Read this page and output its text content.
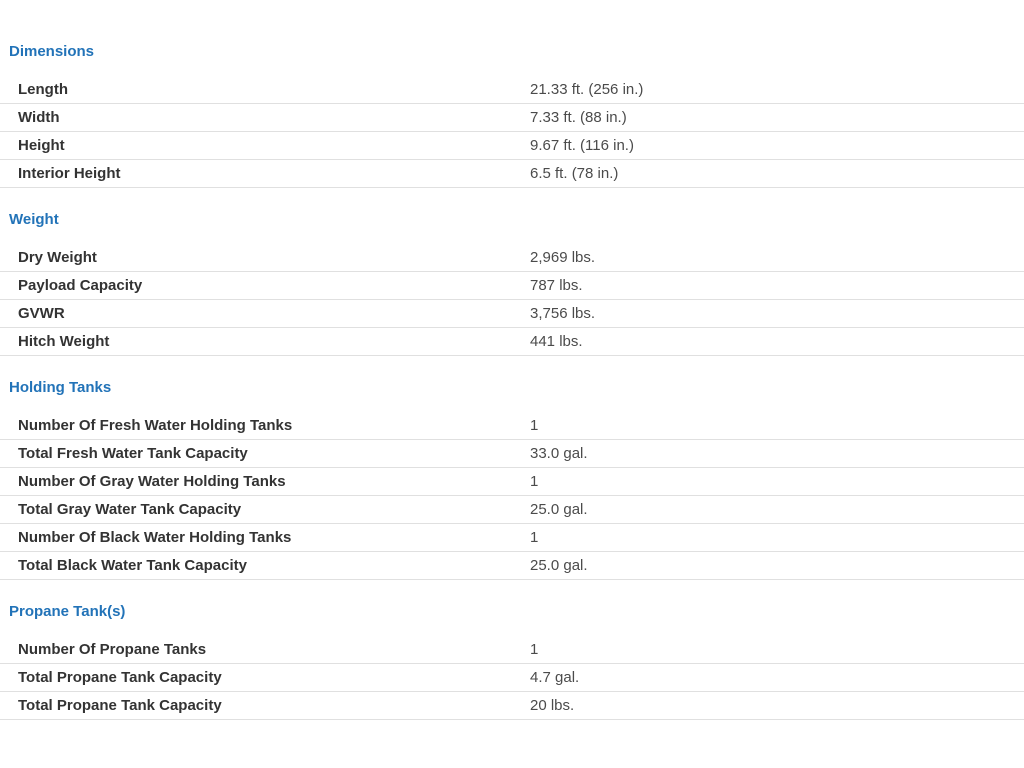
Dimensions
Length	21.33 ft. (256 in.)
Width	7.33 ft. (88 in.)
Height	9.67 ft. (116 in.)
Interior Height	6.5 ft. (78 in.)
Weight
Dry Weight	2,969 lbs.
Payload Capacity	787 lbs.
GVWR	3,756 lbs.
Hitch Weight	441 lbs.
Holding Tanks
Number Of Fresh Water Holding Tanks	1
Total Fresh Water Tank Capacity	33.0 gal.
Number Of Gray Water Holding Tanks	1
Total Gray Water Tank Capacity	25.0 gal.
Number Of Black Water Holding Tanks	1
Total Black Water Tank Capacity	25.0 gal.
Propane Tank(s)
Number Of Propane Tanks	1
Total Propane Tank Capacity	4.7 gal.
Total Propane Tank Capacity	20 lbs.
